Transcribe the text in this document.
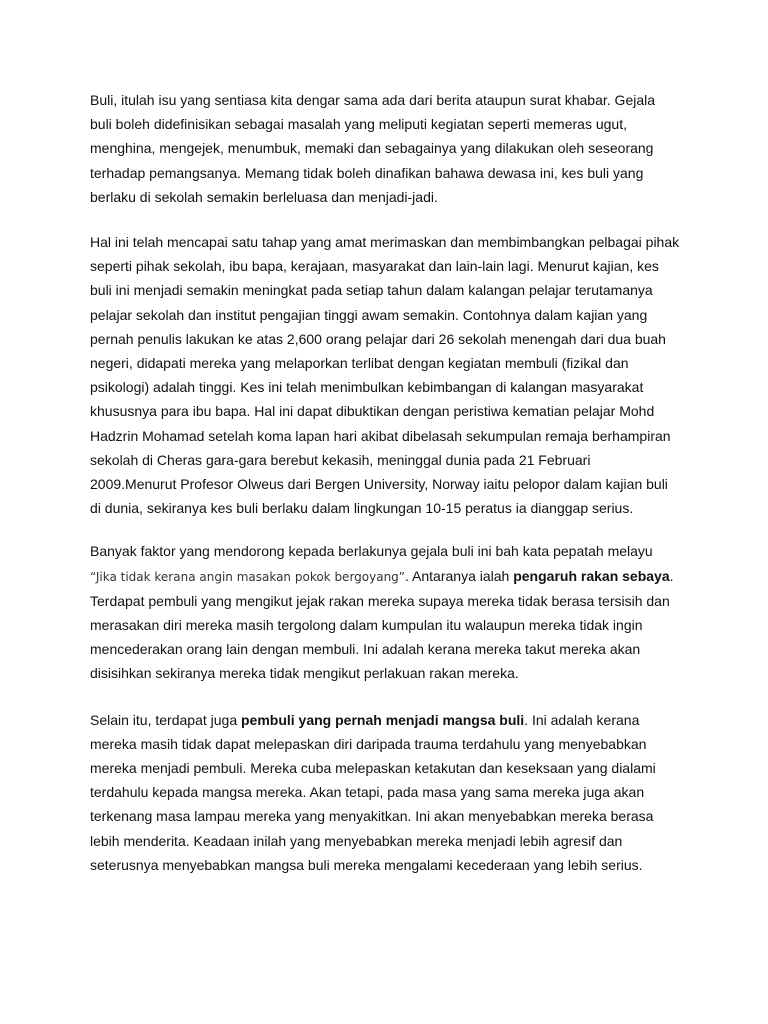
Buli, itulah isu yang sentiasa kita dengar sama ada dari berita ataupun surat khabar. Gejala buli boleh didefinisikan sebagai masalah yang meliputi kegiatan seperti memeras ugut, menghina, mengejek, menumbuk, memaki dan sebagainya yang dilakukan oleh seseorang terhadap pemangsanya. Memang tidak boleh dinafikan bahawa dewasa ini, kes buli yang berlaku di sekolah semakin berleluasa dan menjadi-jadi.

Hal ini telah mencapai satu tahap yang amat merimaskan dan membimbangkan pelbagai pihak seperti pihak sekolah, ibu bapa, kerajaan, masyarakat dan lain-lain lagi. Menurut kajian, kes buli ini menjadi semakin meningkat pada setiap tahun dalam kalangan pelajar terutamanya pelajar sekolah dan institut pengajian tinggi awam semakin. Contohnya dalam kajian yang pernah penulis lakukan ke atas 2,600 orang pelajar dari 26 sekolah menengah dari dua buah negeri, didapati mereka yang melaporkan terlibat dengan kegiatan membuli (fizikal dan psikologi) adalah tinggi. Kes ini telah menimbulkan kebimbangan di kalangan masyarakat khususnya para ibu bapa. Hal ini dapat dibuktikan dengan peristiwa kematian pelajar Mohd Hadzrin Mohamad setelah koma lapan hari akibat dibelasah sekumpulan remaja berhampiran sekolah di Cheras gara-gara berebut kekasih, meninggal dunia pada 21 Februari 2009.Menurut Profesor Olweus dari Bergen University, Norway iaitu pelopor dalam kajian buli di dunia, sekiranya kes buli berlaku dalam lingkungan 10-15 peratus ia dianggap serius.

Banyak faktor yang mendorong kepada berlakunya gejala buli ini bah kata pepatah melayu “Jika tidak kerana angin masakan pokok bergoyang”. Antaranya ialah pengaruh rakan sebaya. Terdapat pembuli yang mengikut jejak rakan mereka supaya mereka tidak berasa tersisih dan merasakan diri mereka masih tergolong dalam kumpulan itu walaupun mereka tidak ingin mencederakan orang lain dengan membuli. Ini adalah kerana mereka takut mereka akan disisihkan sekiranya mereka tidak mengikut perlakuan rakan mereka.

Selain itu, terdapat juga pembuli yang pernah menjadi mangsa buli. Ini adalah kerana mereka masih tidak dapat melepaskan diri daripada trauma terdahulu yang menyebabkan mereka menjadi pembuli. Mereka cuba melepaskan ketakutan dan keseksaan yang dialami terdahulu kepada mangsa mereka. Akan tetapi, pada masa yang sama mereka juga akan terkenang masa lampau mereka yang menyakitkan. Ini akan menyebabkan mereka berasa lebih menderita. Keadaan inilah yang menyebabkan mereka menjadi lebih agresif dan seterusnya menyebabkan mangsa buli mereka mengalami kecederaan yang lebih serius.
